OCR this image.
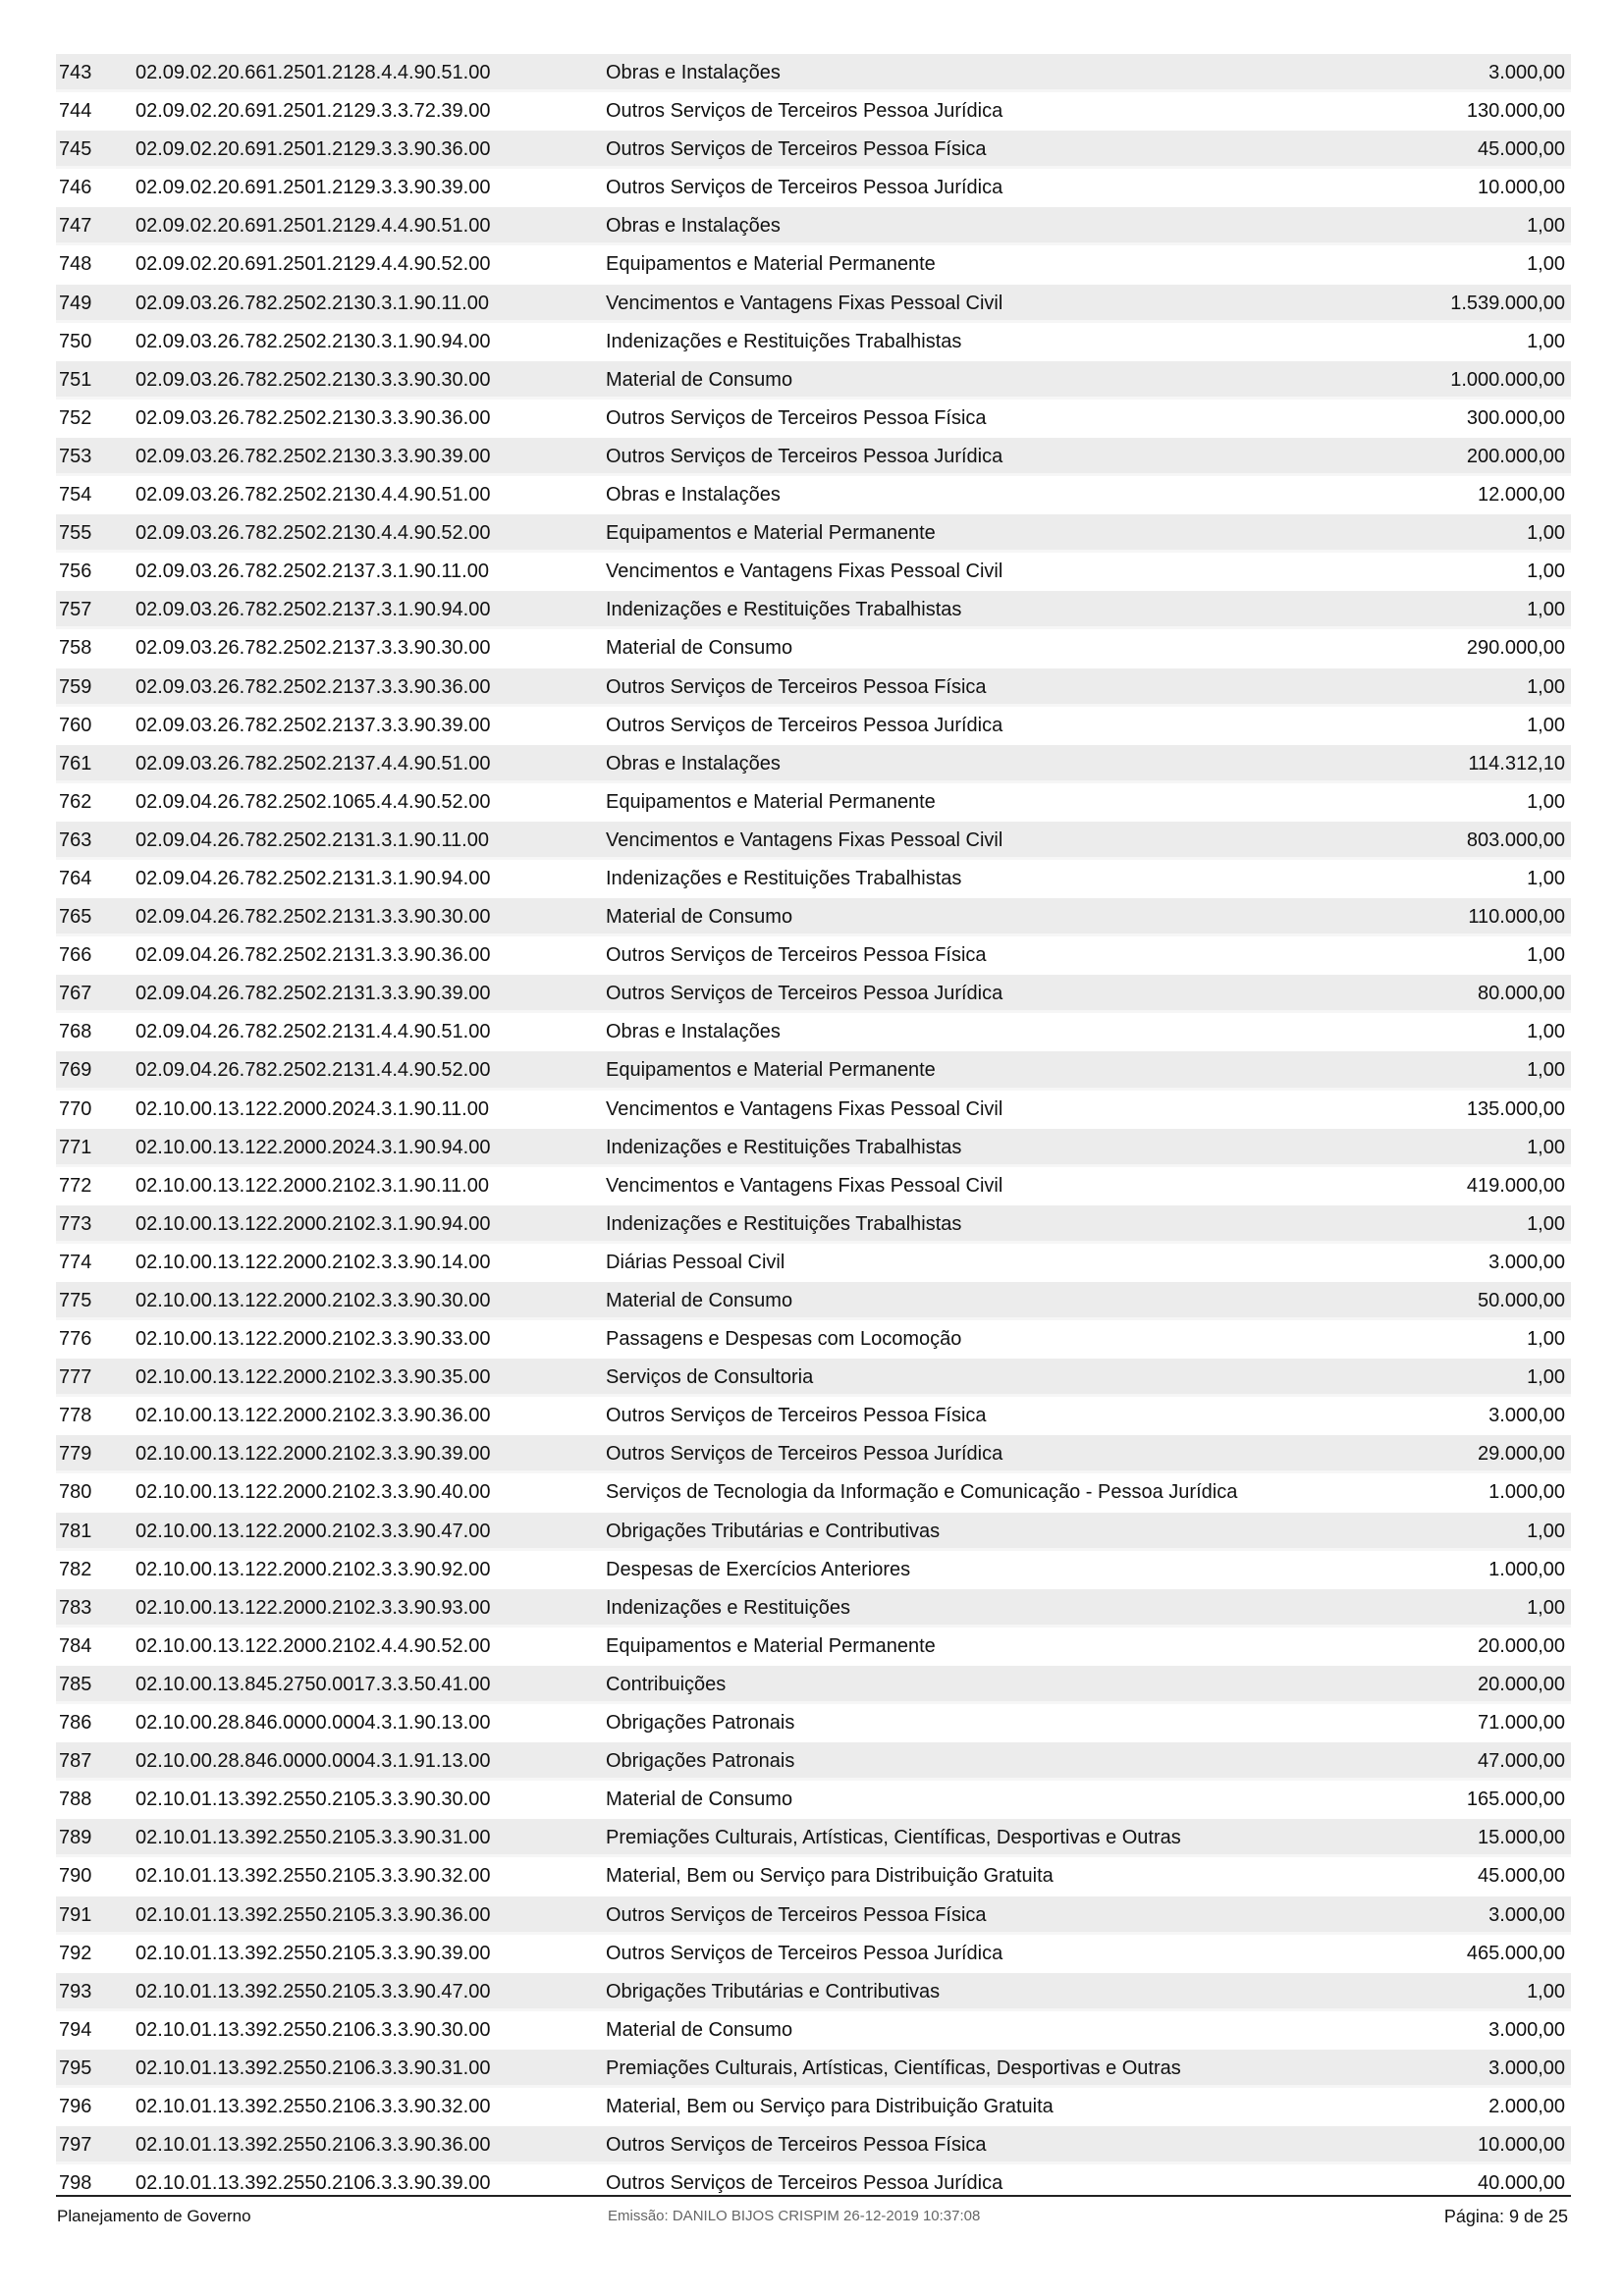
743 02.09.02.20.661.2501.2128.4.4.90.51.00	Obras e Instalações	3.000,00
744 02.09.02.20.691.2501.2129.3.3.72.39.00	Outros Serviços de Terceiros Pessoa Jurídica	130.000,00
745 02.09.02.20.691.2501.2129.3.3.90.36.00	Outros Serviços de Terceiros Pessoa Física	45.000,00
746 02.09.02.20.691.2501.2129.3.3.90.39.00	Outros Serviços de Terceiros Pessoa Jurídica	10.000,00
747 02.09.02.20.691.2501.2129.4.4.90.51.00	Obras e Instalações	1,00
748 02.09.02.20.691.2501.2129.4.4.90.52.00	Equipamentos e Material Permanente	1,00
749 02.09.03.26.782.2502.2130.3.1.90.11.00	Vencimentos e Vantagens Fixas Pessoal Civil	1.539.000,00
750 02.09.03.26.782.2502.2130.3.1.90.94.00	Indenizações e Restituições Trabalhistas	1,00
751 02.09.03.26.782.2502.2130.3.3.90.30.00	Material de Consumo	1.000.000,00
752 02.09.03.26.782.2502.2130.3.3.90.36.00	Outros Serviços de Terceiros Pessoa Física	300.000,00
753 02.09.03.26.782.2502.2130.3.3.90.39.00	Outros Serviços de Terceiros Pessoa Jurídica	200.000,00
754 02.09.03.26.782.2502.2130.4.4.90.51.00	Obras e Instalações	12.000,00
755 02.09.03.26.782.2502.2130.4.4.90.52.00	Equipamentos e Material Permanente	1,00
756 02.09.03.26.782.2502.2137.3.1.90.11.00	Vencimentos e Vantagens Fixas Pessoal Civil	1,00
757 02.09.03.26.782.2502.2137.3.1.90.94.00	Indenizações e Restituições Trabalhistas	1,00
758 02.09.03.26.782.2502.2137.3.3.90.30.00	Material de Consumo	290.000,00
759 02.09.03.26.782.2502.2137.3.3.90.36.00	Outros Serviços de Terceiros Pessoa Física	1,00
760 02.09.03.26.782.2502.2137.3.3.90.39.00	Outros Serviços de Terceiros Pessoa Jurídica	1,00
761 02.09.03.26.782.2502.2137.4.4.90.51.00	Obras e Instalações	114.312,10
762 02.09.04.26.782.2502.1065.4.4.90.52.00	Equipamentos e Material Permanente	1,00
763 02.09.04.26.782.2502.2131.3.1.90.11.00	Vencimentos e Vantagens Fixas Pessoal Civil	803.000,00
764 02.09.04.26.782.2502.2131.3.1.90.94.00	Indenizações e Restituições Trabalhistas	1,00
765 02.09.04.26.782.2502.2131.3.3.90.30.00	Material de Consumo	110.000,00
766 02.09.04.26.782.2502.2131.3.3.90.36.00	Outros Serviços de Terceiros Pessoa Física	1,00
767 02.09.04.26.782.2502.2131.3.3.90.39.00	Outros Serviços de Terceiros Pessoa Jurídica	80.000,00
768 02.09.04.26.782.2502.2131.4.4.90.51.00	Obras e Instalações	1,00
769 02.09.04.26.782.2502.2131.4.4.90.52.00	Equipamentos e Material Permanente	1,00
770 02.10.00.13.122.2000.2024.3.1.90.11.00	Vencimentos e Vantagens Fixas Pessoal Civil	135.000,00
771 02.10.00.13.122.2000.2024.3.1.90.94.00	Indenizações e Restituições Trabalhistas	1,00
772 02.10.00.13.122.2000.2102.3.1.90.11.00	Vencimentos e Vantagens Fixas Pessoal Civil	419.000,00
773 02.10.00.13.122.2000.2102.3.1.90.94.00	Indenizações e Restituições Trabalhistas	1,00
774 02.10.00.13.122.2000.2102.3.3.90.14.00	Diárias Pessoal Civil	3.000,00
775 02.10.00.13.122.2000.2102.3.3.90.30.00	Material de Consumo	50.000,00
776 02.10.00.13.122.2000.2102.3.3.90.33.00	Passagens e Despesas com Locomoção	1,00
777 02.10.00.13.122.2000.2102.3.3.90.35.00	Serviços de Consultoria	1,00
778 02.10.00.13.122.2000.2102.3.3.90.36.00	Outros Serviços de Terceiros Pessoa Física	3.000,00
779 02.10.00.13.122.2000.2102.3.3.90.39.00	Outros Serviços de Terceiros Pessoa Jurídica	29.000,00
780 02.10.00.13.122.2000.2102.3.3.90.40.00	Serviços de Tecnologia da Informação e Comunicação - Pessoa Jurídica	1.000,00
781 02.10.00.13.122.2000.2102.3.3.90.47.00	Obrigações Tributárias e Contributivas	1,00
782 02.10.00.13.122.2000.2102.3.3.90.92.00	Despesas de Exercícios Anteriores	1.000,00
783 02.10.00.13.122.2000.2102.3.3.90.93.00	Indenizações e Restituições	1,00
784 02.10.00.13.122.2000.2102.4.4.90.52.00	Equipamentos e Material Permanente	20.000,00
785 02.10.00.13.845.2750.0017.3.3.50.41.00	Contribuições	20.000,00
786 02.10.00.28.846.0000.0004.3.1.90.13.00	Obrigações Patronais	71.000,00
787 02.10.00.28.846.0000.0004.3.1.91.13.00	Obrigações Patronais	47.000,00
788 02.10.01.13.392.2550.2105.3.3.90.30.00	Material de Consumo	165.000,00
789 02.10.01.13.392.2550.2105.3.3.90.31.00	Premiações Culturais, Artísticas, Científicas, Desportivas e Outras	15.000,00
790 02.10.01.13.392.2550.2105.3.3.90.32.00	Material, Bem ou Serviço para Distribuição Gratuita	45.000,00
791 02.10.01.13.392.2550.2105.3.3.90.36.00	Outros Serviços de Terceiros Pessoa Física	3.000,00
792 02.10.01.13.392.2550.2105.3.3.90.39.00	Outros Serviços de Terceiros Pessoa Jurídica	465.000,00
793 02.10.01.13.392.2550.2105.3.3.90.47.00	Obrigações Tributárias e Contributivas	1,00
794 02.10.01.13.392.2550.2106.3.3.90.30.00	Material de Consumo	3.000,00
795 02.10.01.13.392.2550.2106.3.3.90.31.00	Premiações Culturais, Artísticas, Científicas, Desportivas e Outras	3.000,00
796 02.10.01.13.392.2550.2106.3.3.90.32.00	Material, Bem ou Serviço para Distribuição Gratuita	2.000,00
797 02.10.01.13.392.2550.2106.3.3.90.36.00	Outros Serviços de Terceiros Pessoa Física	10.000,00
798 02.10.01.13.392.2550.2106.3.3.90.39.00	Outros Serviços de Terceiros Pessoa Jurídica	40.000,00
Planejamento de Governo	Emissão: DANILO BIJOS CRISPIM 26-12-2019 10:37:08	Página: 9 de 25
